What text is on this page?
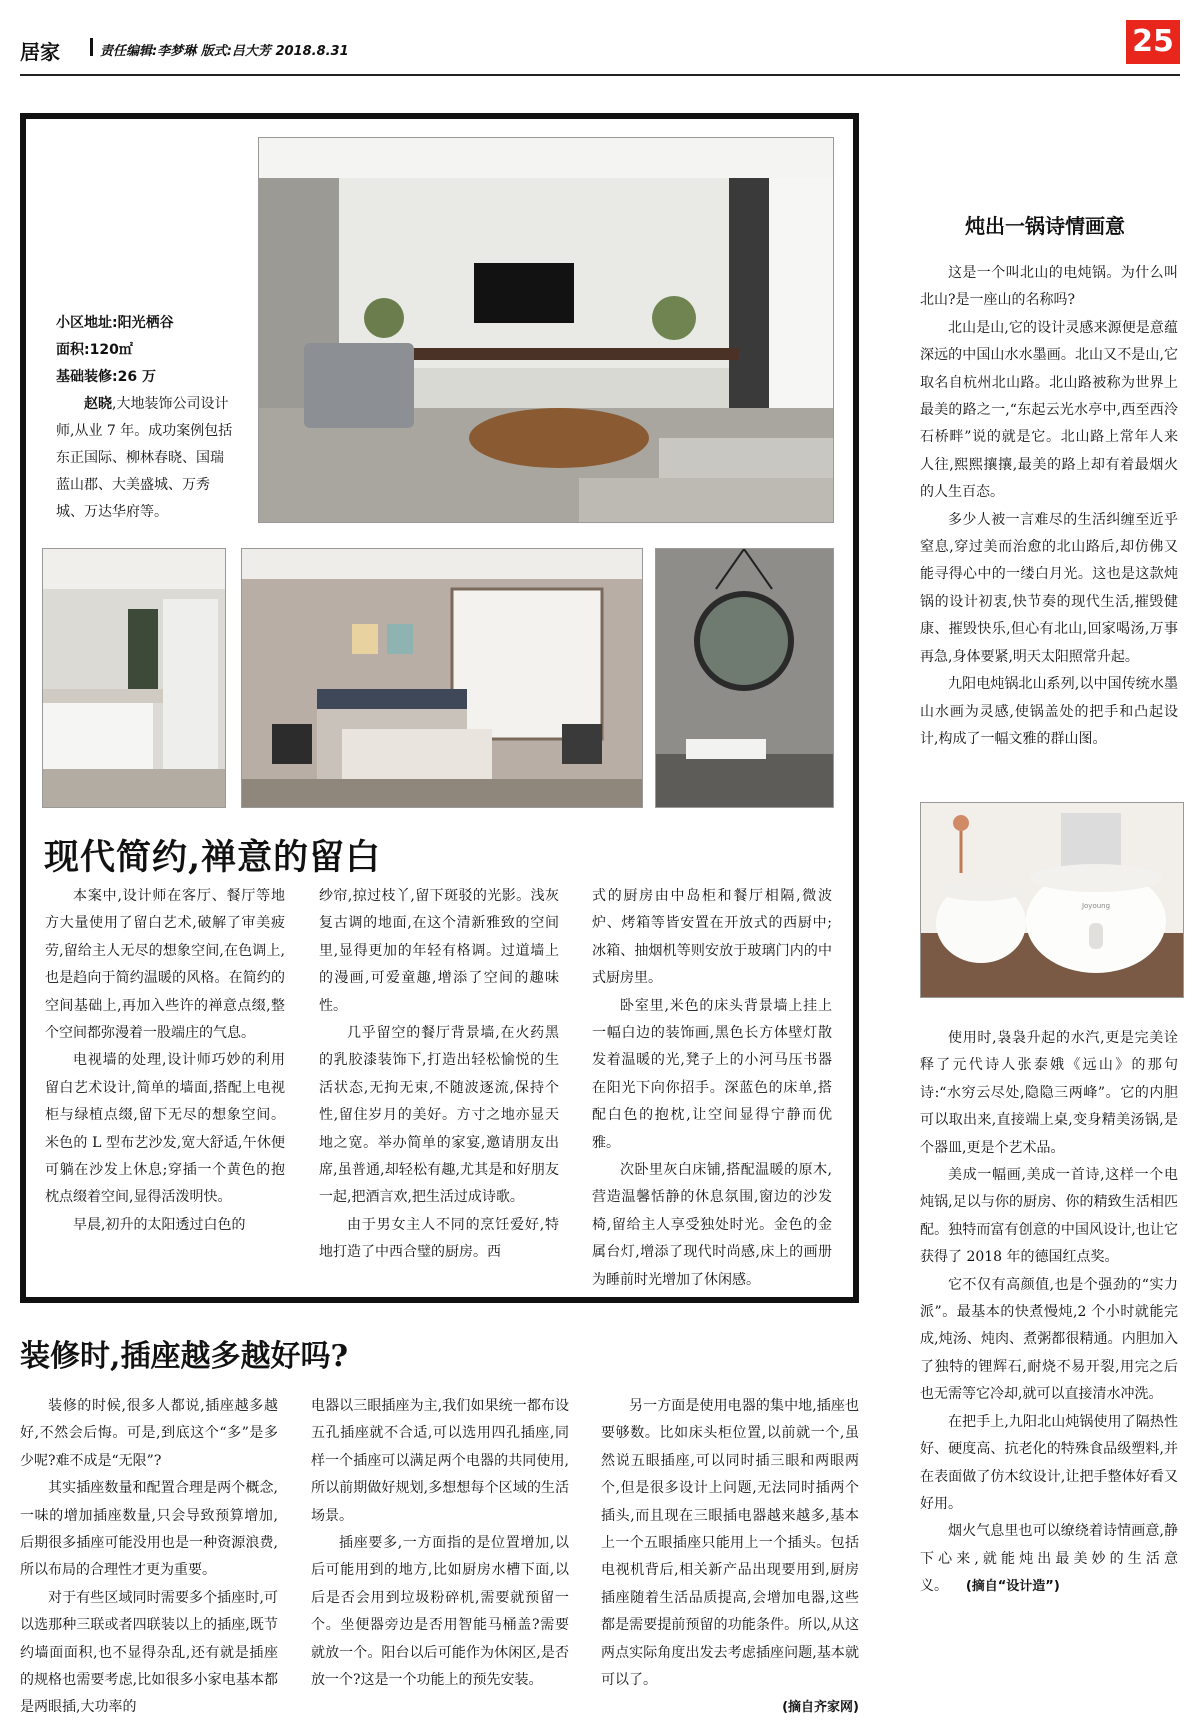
居家	责任编辑:李梦琳 版式:吕大芳 2018.8.31	25

小区地址:阳光栖谷

面积:120㎡

基础装修:26 万

赵晓,大地装饰公司设计师,从业 7 年。成功案例包括东正国际、柳林春晓、国瑞蓝山郡、大美盛城、万秀城、万达华府等。

现代简约,禅意的留白

本案中,设计师在客厅、餐厅等地方大量使用了留白艺术,破解了审美疲劳,留给主人无尽的想象空间,在色调上,也是趋向于简约温暖的风格。在简约的空间基础上,再加入些许的禅意点缀,整个空间都弥漫着一股端庄的气息。

电视墙的处理,设计师巧妙的利用留白艺术设计,简单的墙面,搭配上电视柜与绿植点缀,留下无尽的想象空间。米色的 L 型布艺沙发,宽大舒适,午休便可躺在沙发上休息;穿插一个黄色的抱枕点缀着空间,显得活泼明快。

早晨,初升的太阳透过白色的

纱帘,掠过枝丫,留下斑驳的光影。浅灰复古调的地面,在这个清新雅致的空间里,显得更加的年轻有格调。过道墙上的漫画,可爱童趣,增添了空间的趣味性。

几乎留空的餐厅背景墙,在火药黑的乳胶漆装饰下,打造出轻松愉悦的生活状态,无拘无束,不随波逐流,保持个性,留住岁月的美好。方寸之地亦显天地之宽。举办简单的家宴,邀请朋友出席,虽普通,却轻松有趣,尤其是和好朋友一起,把酒言欢,把生活过成诗歌。

由于男女主人不同的烹饪爱好,特地打造了中西合璧的厨房。西

式的厨房由中岛柜和餐厅相隔,微波炉、烤箱等皆安置在开放式的西厨中;冰箱、抽烟机等则安放于玻璃门内的中式厨房里。

卧室里,米色的床头背景墙上挂上一幅白边的装饰画,黑色长方体壁灯散发着温暖的光,凳子上的小河马压书器在阳光下向你招手。深蓝色的床单,搭配白色的抱枕,让空间显得宁静而优雅。

次卧里灰白床铺,搭配温暖的原木,营造温馨恬静的休息氛围,窗边的沙发椅,留给主人享受独处时光。金色的金属台灯,增添了现代时尚感,床上的画册为睡前时光增加了休闲感。

装修时,插座越多越好吗?

装修的时候,很多人都说,插座越多越好,不然会后悔。可是,到底这个“多”是多少呢?难不成是“无限”?

其实插座数量和配置合理是两个概念,一味的增加插座数量,只会导致预算增加,后期很多插座可能没用也是一种资源浪费,所以布局的合理性才更为重要。

对于有些区域同时需要多个插座时,可以选那种三联或者四联装以上的插座,既节约墙面面积,也不显得杂乱,还有就是插座的规格也需要考虑,比如很多小家电基本都是两眼插,大功率的

电器以三眼插座为主,我们如果统一都布设五孔插座就不合适,可以选用四孔插座,同样一个插座可以满足两个电器的共同使用,所以前期做好规划,多想想每个区域的生活场景。

插座要多,一方面指的是位置增加,以后可能用到的地方,比如厨房水槽下面,以后是否会用到垃圾粉碎机,需要就预留一个。坐便器旁边是否用智能马桶盖?需要就放一个。阳台以后可能作为休闲区,是否放一个?这是一个功能上的预先安装。

另一方面是使用电器的集中地,插座也要够数。比如床头柜位置,以前就一个,虽然说五眼插座,可以同时插三眼和两眼两个,但是很多设计上问题,无法同时插两个插头,而且现在三眼插电器越来越多,基本上一个五眼插座只能用上一个插头。包括电视机背后,相关新产品出现要用到,厨房插座随着生活品质提高,会增加电器,这些都是需要提前预留的功能条件。所以,从这两点实际角度出发去考虑插座问题,基本就可以了。

(摘自齐家网)

炖出一锅诗情画意

这是一个叫北山的电炖锅。为什么叫北山?是一座山的名称吗?

北山是山,它的设计灵感来源便是意蕴深远的中国山水水墨画。北山又不是山,它取名自杭州北山路。北山路被称为世界上最美的路之一,“东起云光水亭中,西至西泠石桥畔”说的就是它。北山路上常年人来人往,熙熙攘攘,最美的路上却有着最烟火的人生百态。

多少人被一言难尽的生活纠缠至近乎窒息,穿过美而治愈的北山路后,却仿佛又能寻得心中的一缕白月光。这也是这款炖锅的设计初衷,快节奏的现代生活,摧毁健康、摧毁快乐,但心有北山,回家喝汤,万事再急,身体要紧,明天太阳照常升起。

九阳电炖锅北山系列,以中国传统水墨山水画为灵感,使锅盖处的把手和凸起设计,构成了一幅文雅的群山图。

Joyoung

使用时,袅袅升起的水汽,更是完美诠释了元代诗人张泰娥《远山》的那句诗:“水穷云尽处,隐隐三两峰”。它的内胆可以取出来,直接端上桌,变身精美汤锅,是个器皿,更是个艺术品。

美成一幅画,美成一首诗,这样一个电炖锅,足以与你的厨房、你的精致生活相匹配。独特而富有创意的中国风设计,也让它获得了 2018 年的德国红点奖。

它不仅有高颜值,也是个强劲的“实力派”。最基本的快煮慢炖,2 个小时就能完成,炖汤、炖肉、煮粥都很精通。内胆加入了独特的锂辉石,耐烧不易开裂,用完之后也无需等它冷却,就可以直接清水冲洗。

在把手上,九阳北山炖锅使用了隔热性好、硬度高、抗老化的特殊食品级塑料,并在表面做了仿木纹设计,让把手整体好看又好用。

烟火气息里也可以缭绕着诗情画意,静下心来,就能炖出最美妙的生活意义。 (摘自“设计造”)
